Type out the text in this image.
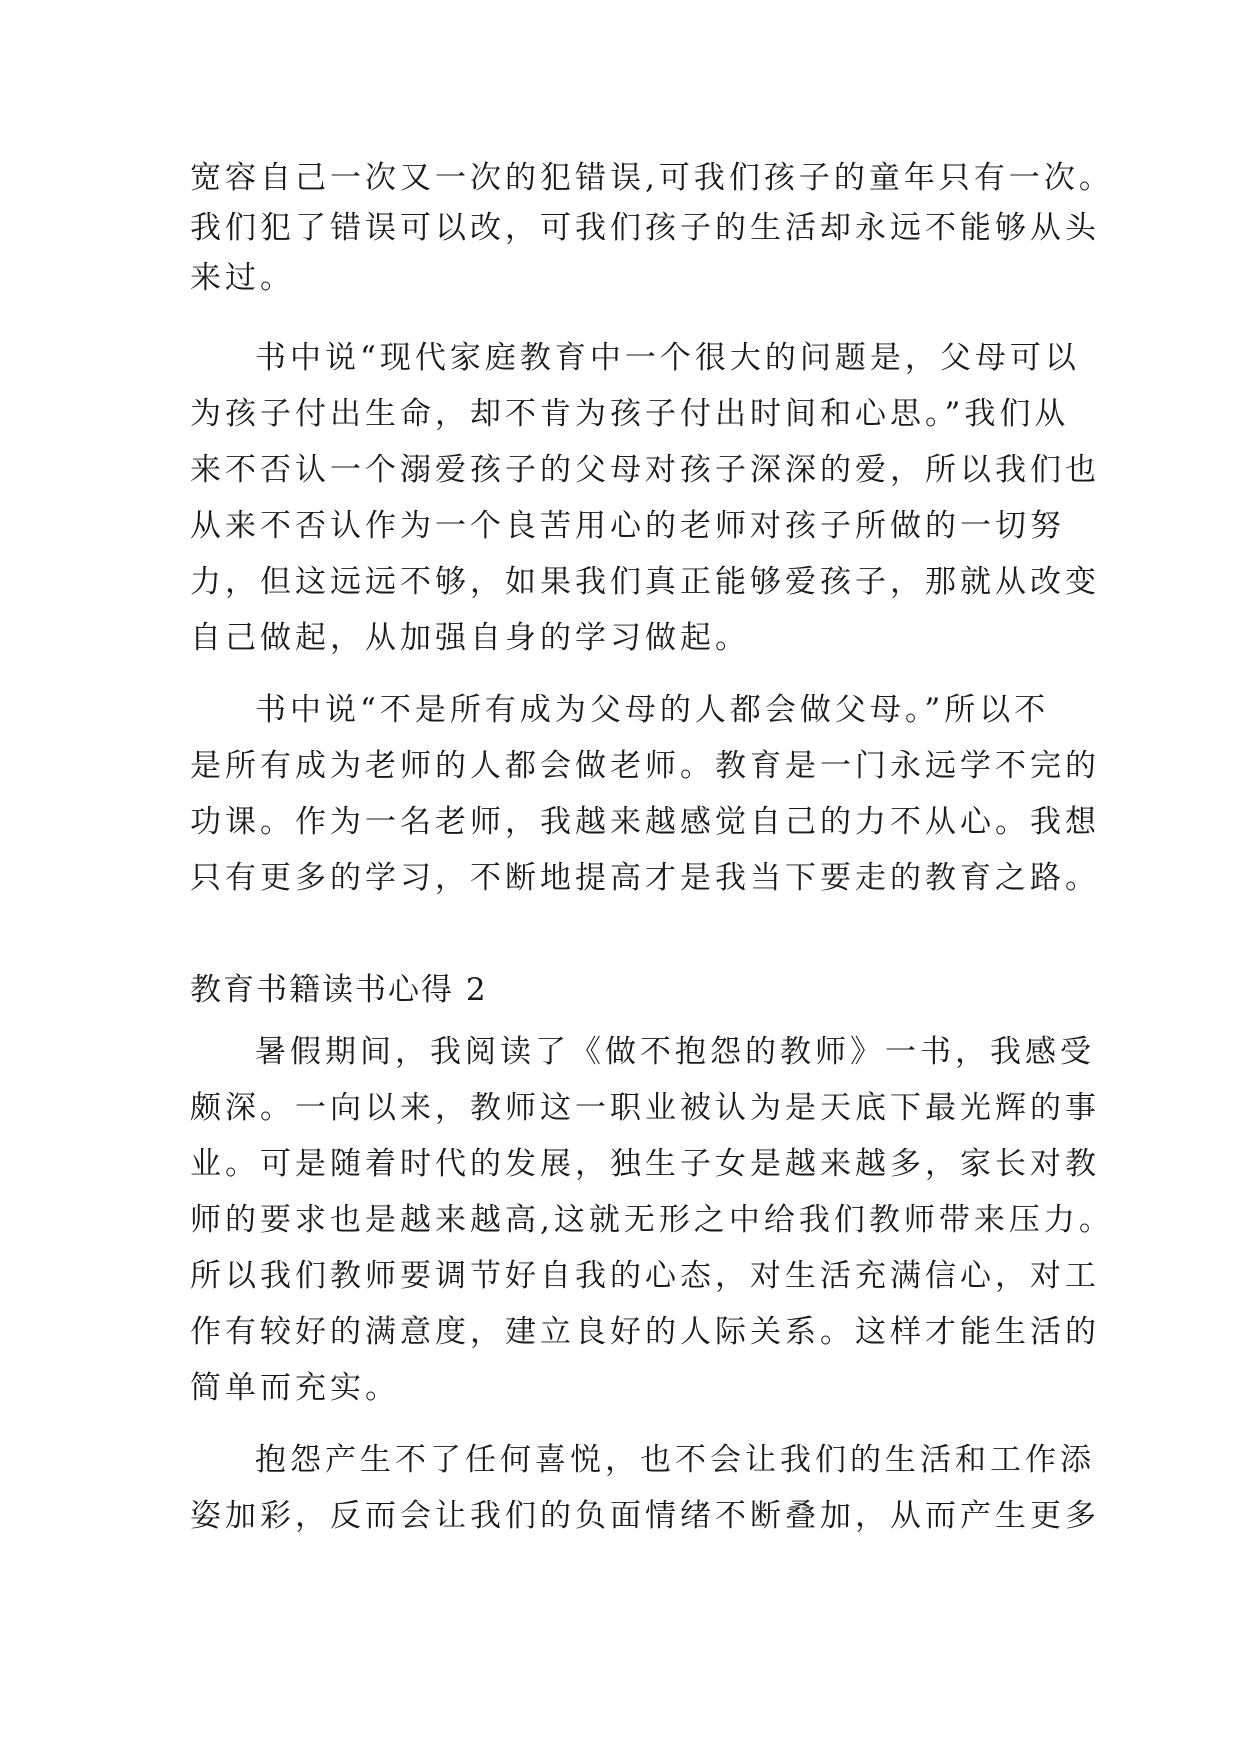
宽容自己一次又一次的犯错误,可我们孩子的童年只有一次。

我们犯了错误可以改，可我们孩子的生活却永远不能够从头

来过。

书中说“现代家庭教育中一个很大的问题是，父母可以

为孩子付出生命，却不肯为孩子付出时间和心思。”我们从

来不否认一个溺爱孩子的父母对孩子深深的爱，所以我们也

从来不否认作为一个良苦用心的老师对孩子所做的一切努

力，但这远远不够，如果我们真正能够爱孩子，那就从改变

自己做起，从加强自身的学习做起。

书中说“不是所有成为父母的人都会做父母。”所以不

是所有成为老师的人都会做老师。教育是一门永远学不完的

功课。作为一名老师，我越来越感觉自己的力不从心。我想

只有更多的学习，不断地提高才是我当下要走的教育之路。

教育书籍读书心得 2

暑假期间，我阅读了《做不抱怨的教师》一书，我感受

颇深。一向以来，教师这一职业被认为是天底下最光辉的事

业。可是随着时代的发展，独生子女是越来越多，家长对教

师的要求也是越来越高,这就无形之中给我们教师带来压力。

所以我们教师要调节好自我的心态，对生活充满信心，对工

作有较好的满意度，建立良好的人际关系。这样才能生活的

简单而充实。

抱怨产生不了任何喜悦，也不会让我们的生活和工作添

姿加彩，反而会让我们的负面情绪不断叠加，从而产生更多
